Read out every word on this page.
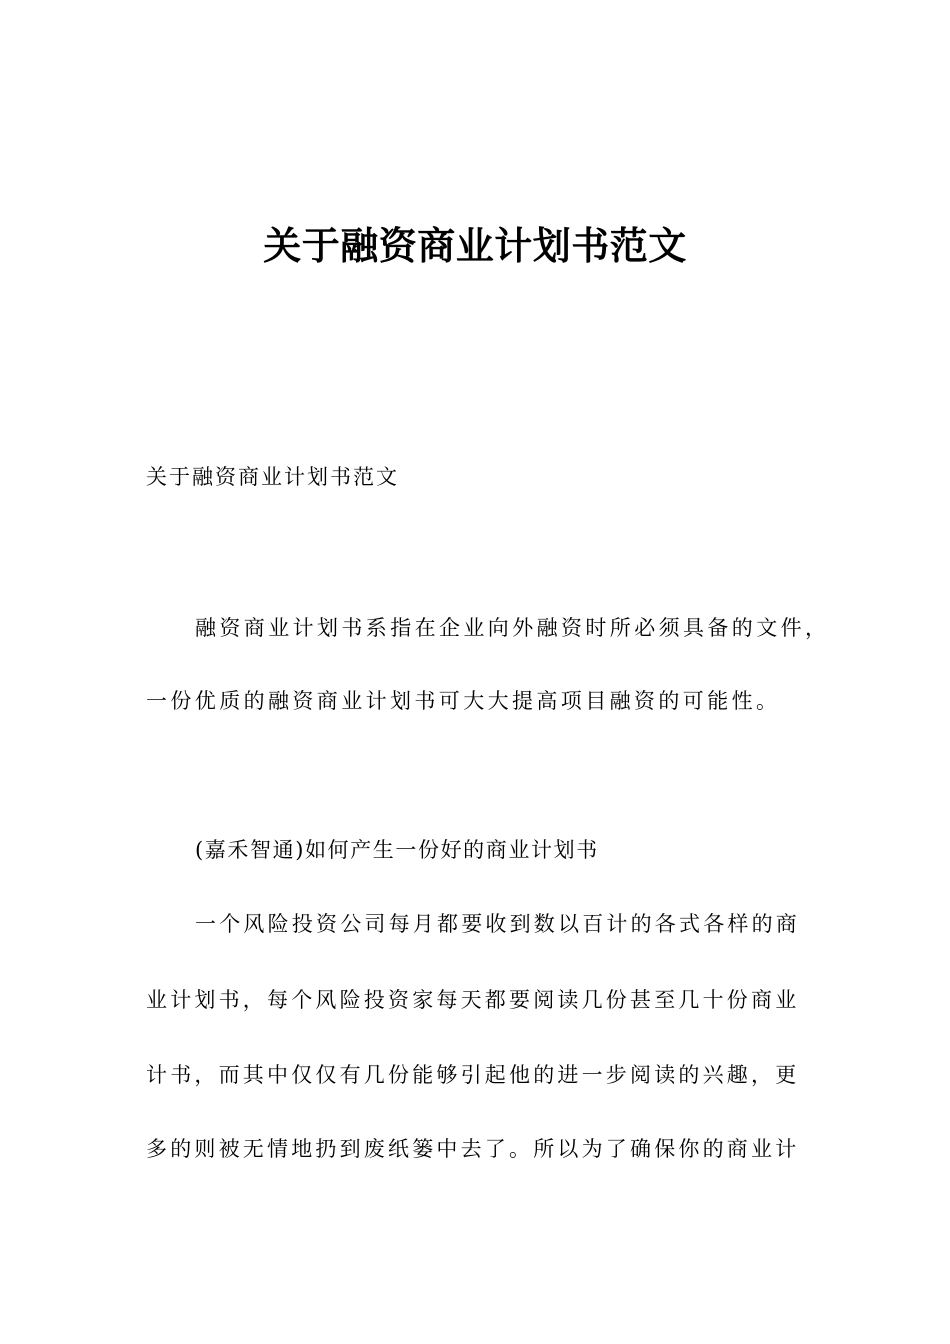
关于融资商业计划书范文

关于融资商业计划书范文

融资商业计划书系指在企业向外融资时所必须具备的文件，

一份优质的融资商业计划书可大大提高项目融资的可能性。

(嘉禾智通)如何产生一份好的商业计划书

一个风险投资公司每月都要收到数以百计的各式各样的商

业计划书，每个风险投资家每天都要阅读几份甚至几十份商业

计书，而其中仅仅有几份能够引起他的进一步阅读的兴趣，更

多的则被无情地扔到废纸篓中去了。所以为了确保你的商业计
